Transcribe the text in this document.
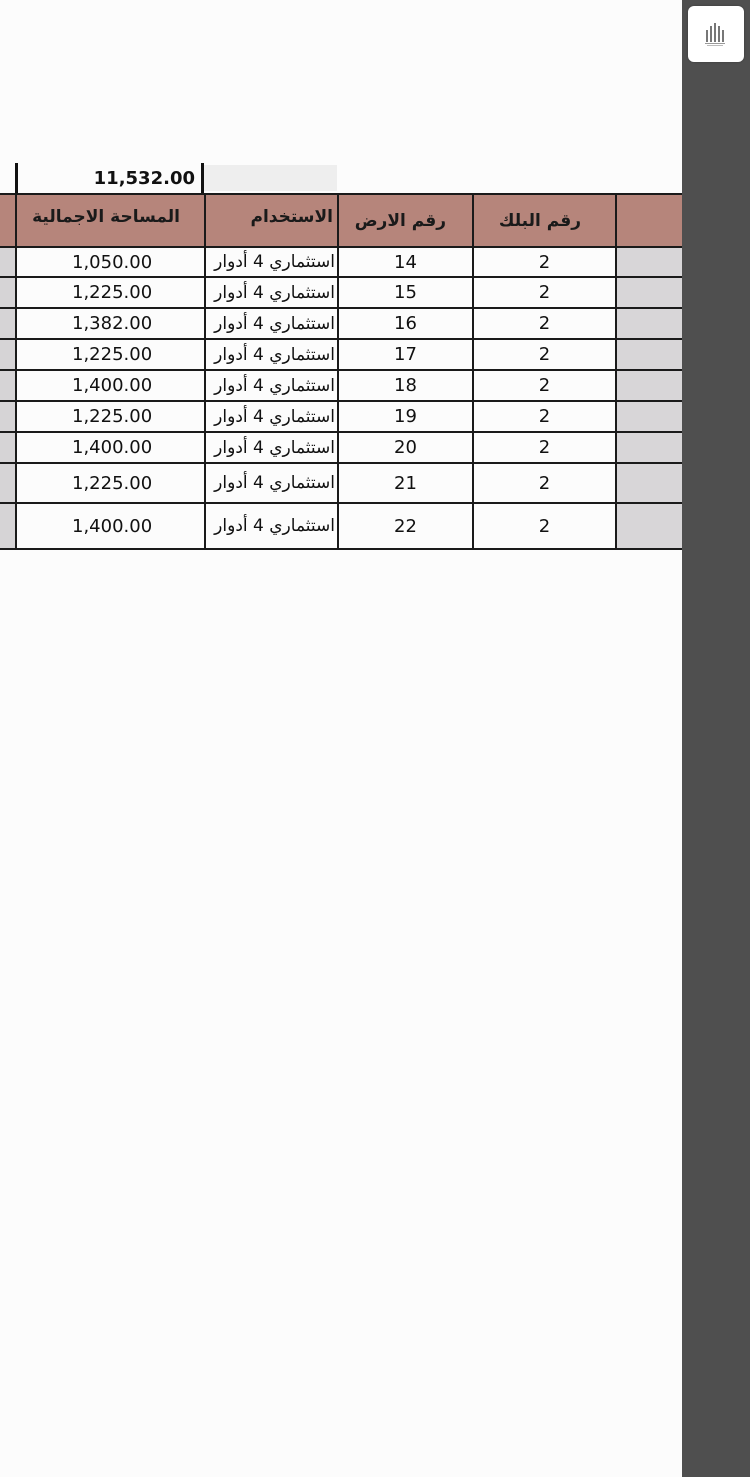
11,532.00
المساحة الاجمالية	الاستخدام	رقم الارض	رقم البلك
1,050.00	استثماري 4 أدوار	14	2
1,225.00	استثماري 4 أدوار	15	2
1,382.00	استثماري 4 أدوار	16	2
1,225.00	استثماري 4 أدوار	17	2
1,400.00	استثماري 4 أدوار	18	2
1,225.00	استثماري 4 أدوار	19	2
1,400.00	استثماري 4 أدوار	20	2
1,225.00	استثماري 4 أدوار	21	2
1,400.00	استثماري 4 أدوار	22	2
